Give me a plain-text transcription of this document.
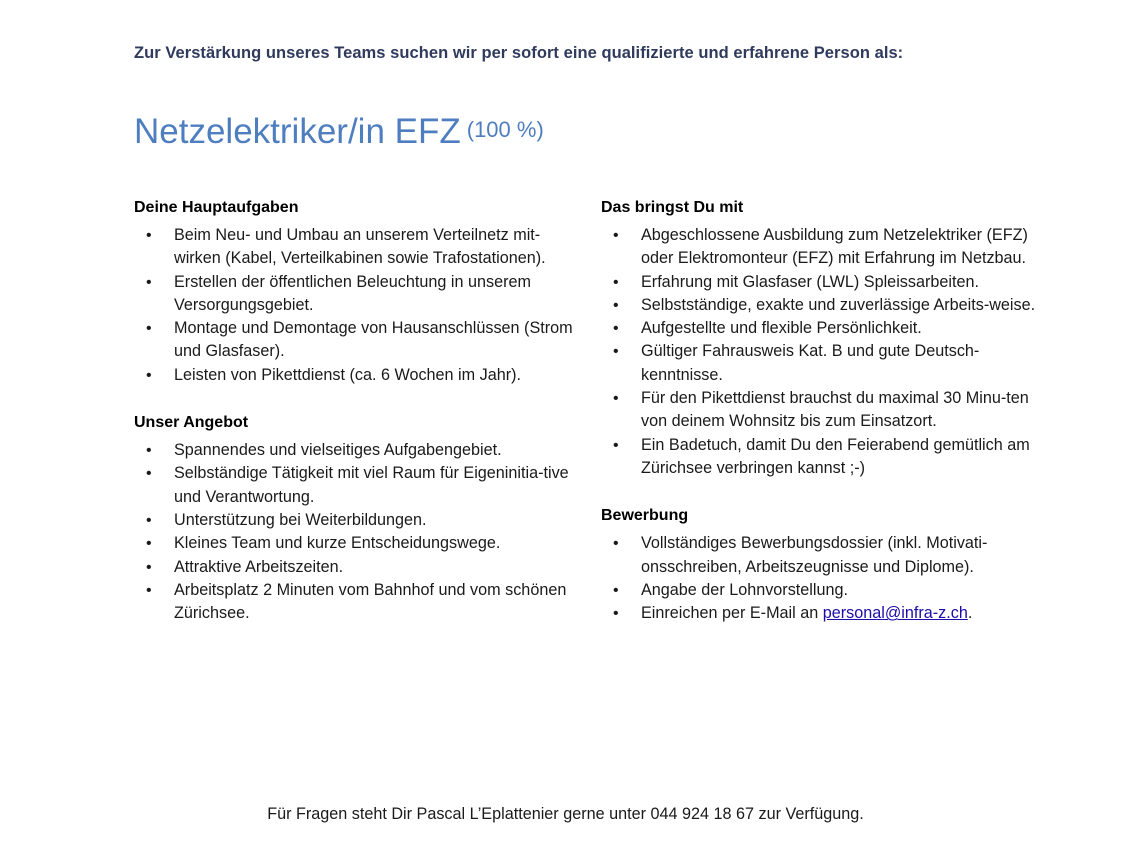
Zur Verstärkung unseres Teams suchen wir per sofort eine qualifizierte und erfahrene Person als:
Netzelektriker/in EFZ (100 %)
Deine Hauptaufgaben
• Beim Neu- und Umbau an unserem Verteilnetz mit-wirken (Kabel, Verteilkabinen sowie Trafostationen).
• Erstellen der öffentlichen Beleuchtung in unserem Versorgungsgebiet.
• Montage und Demontage von Hausanschlüssen (Strom und Glasfaser).
• Leisten von Pikettdienst (ca. 6 Wochen im Jahr).
Unser Angebot
• Spannendes und vielseitiges Aufgabengebiet.
• Selbständige Tätigkeit mit viel Raum für Eigeninitia-tive und Verantwortung.
• Unterstützung bei Weiterbildungen.
• Kleines Team und kurze Entscheidungswege.
• Attraktive Arbeitszeiten.
• Arbeitsplatz 2 Minuten vom Bahnhof und vom schönen Zürichsee.
Das bringst Du mit
• Abgeschlossene Ausbildung zum Netzelektriker (EFZ) oder Elektromonteur (EFZ) mit Erfahrung im Netzbau.
• Erfahrung mit Glasfaser (LWL) Spleissarbeiten.
• Selbstständige, exakte und zuverlässige Arbeits-weise.
• Aufgestellte und flexible Persönlichkeit.
• Gültiger Fahrausweis Kat. B und gute Deutsch-kenntnisse.
• Für den Pikettdienst brauchst du maximal 30 Minu-ten von deinem Wohnsitz bis zum Einsatzort.
• Ein Badetuch, damit Du den Feierabend gemütlich am Zürichsee verbringen kannst ;-)
Bewerbung
• Vollständiges Bewerbungsdossier (inkl. Motivati-onsschreiben, Arbeitszeugnisse und Diplome).
• Angabe der Lohnvorstellung.
• Einreichen per E-Mail an personal@infra-z.ch.
Für Fragen steht Dir Pascal L’Eplattenier gerne unter 044 924 18 67 zur Verfügung.
